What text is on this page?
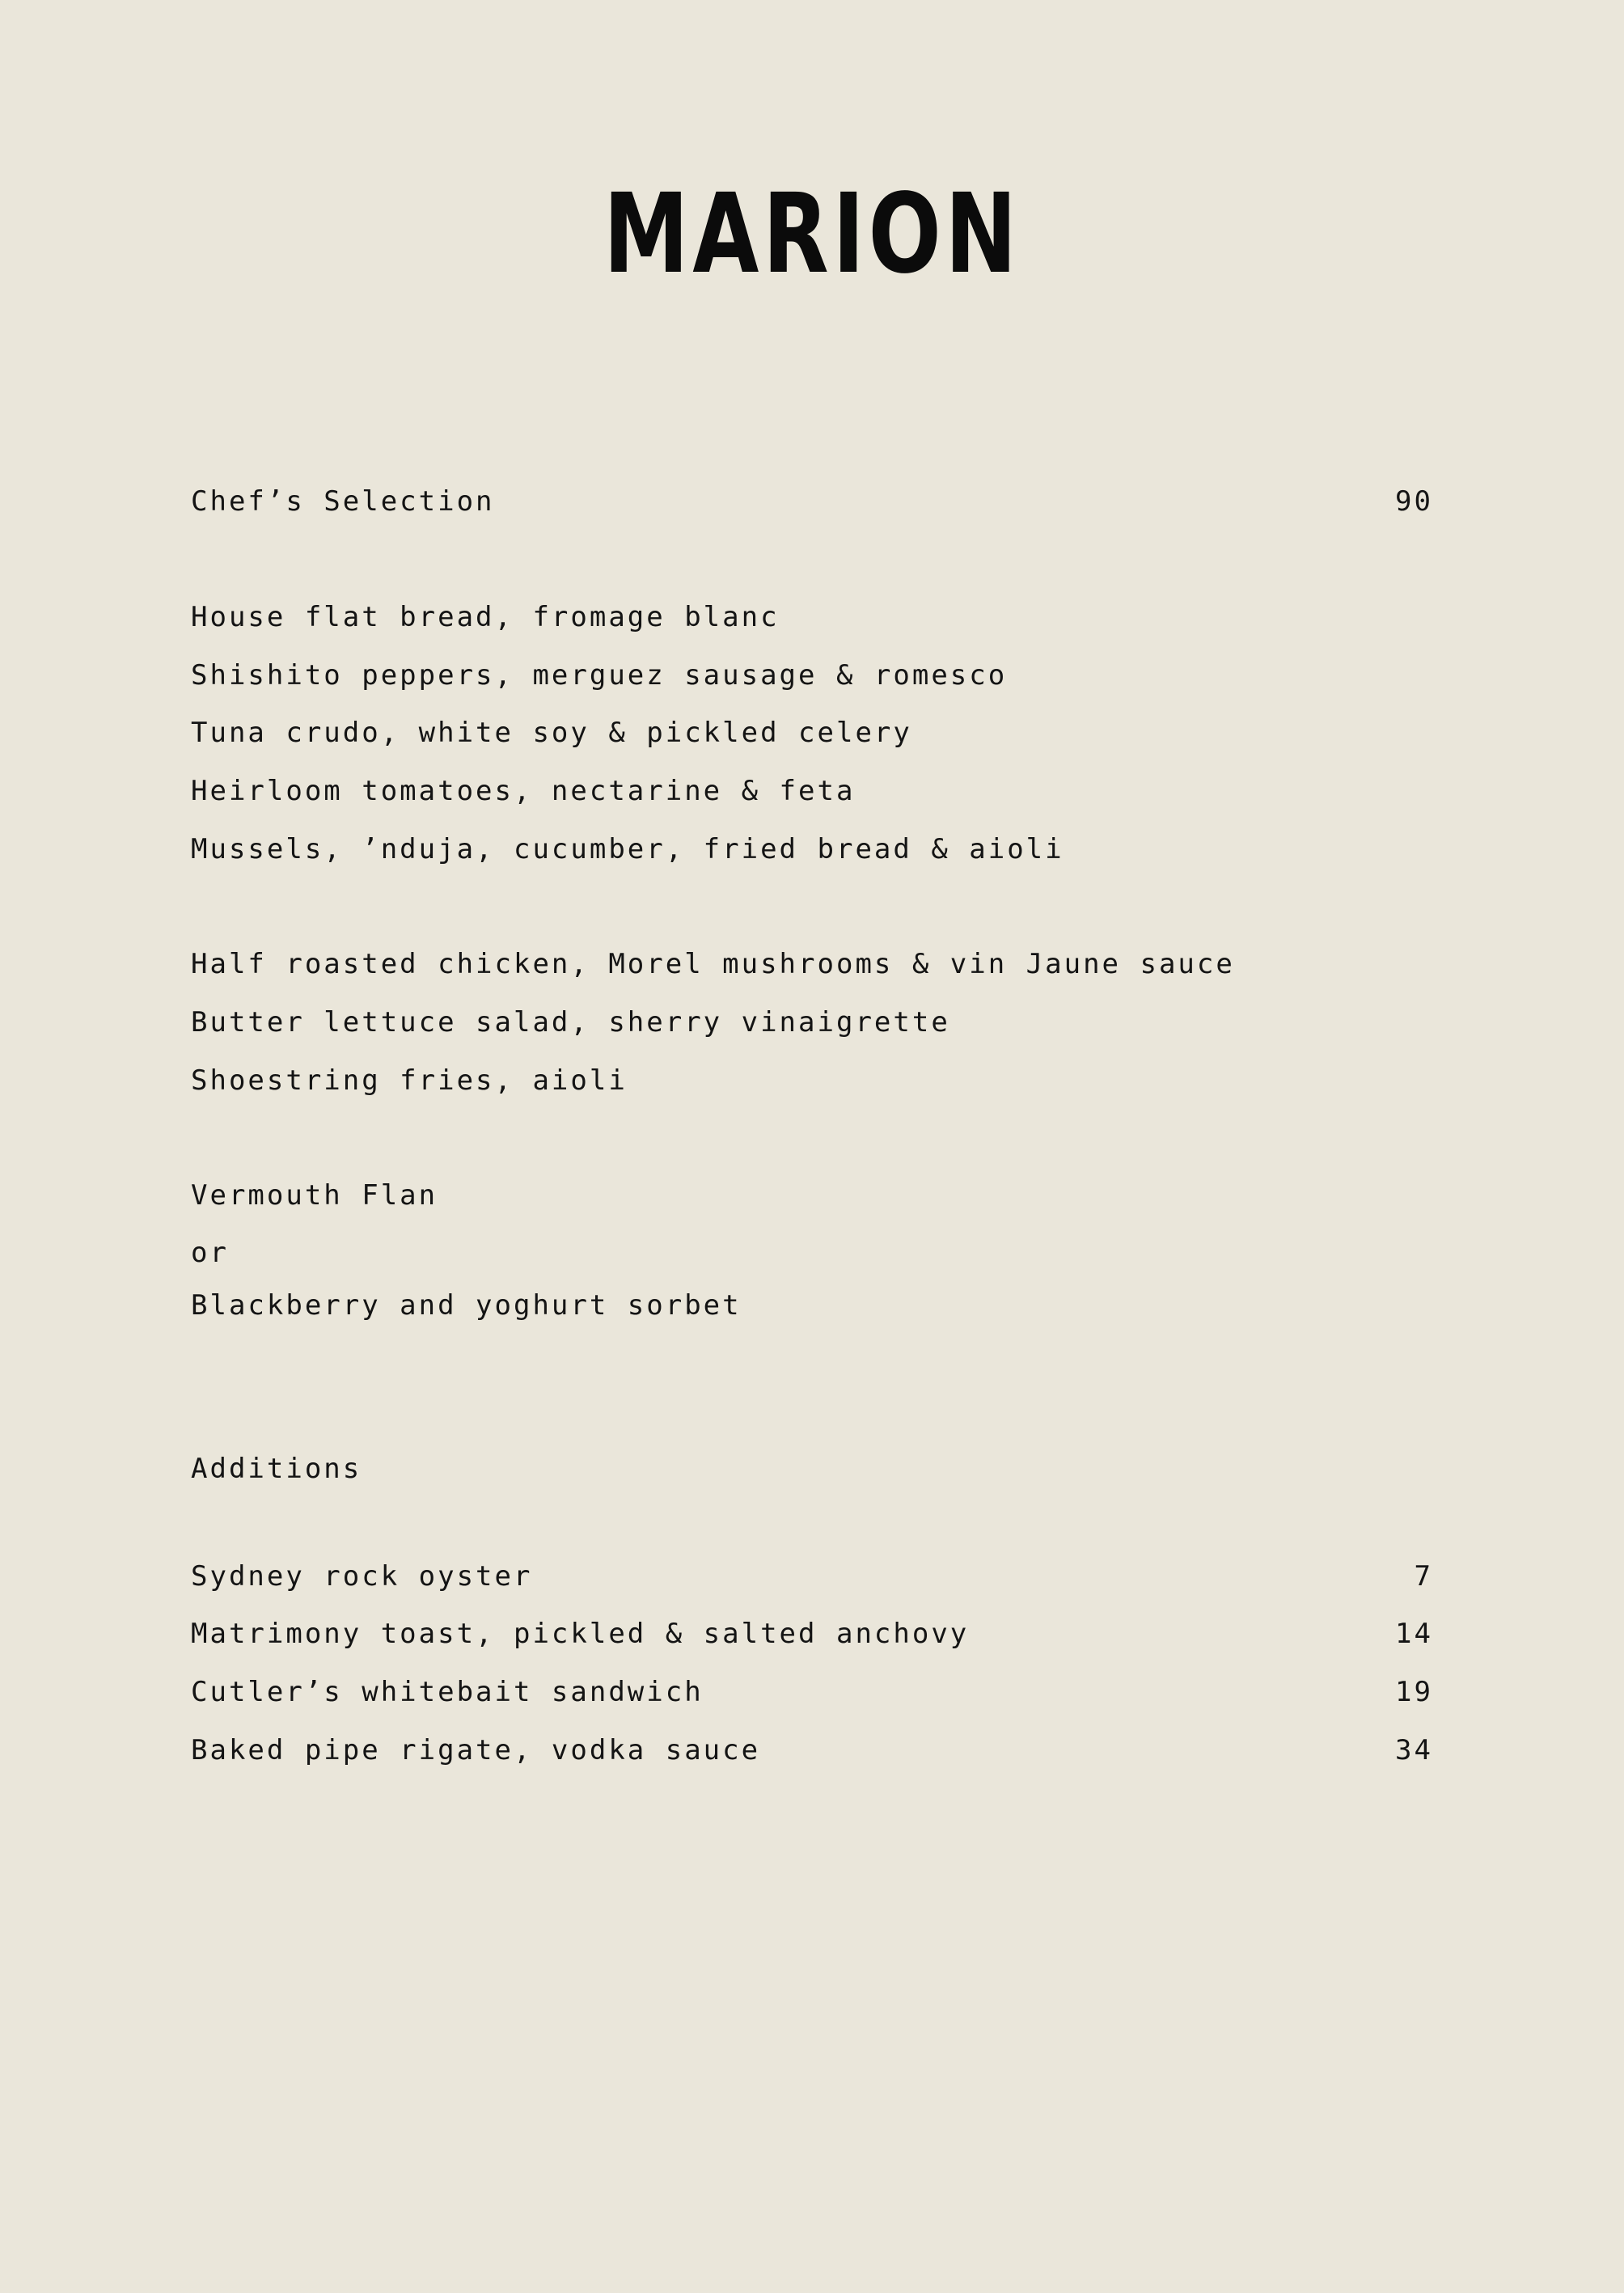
MARION
Chef’s Selection	90
House flat bread, fromage blanc
Shishito peppers, merguez sausage & romesco
Tuna crudo, white soy & pickled celery
Heirloom tomatoes, nectarine & feta
Mussels, ’nduja, cucumber, fried bread & aioli
Half roasted chicken, Morel mushrooms & vin Jaune sauce
Butter lettuce salad, sherry vinaigrette
Shoestring fries, aioli
Vermouth Flan
or
Blackberry and yoghurt sorbet
Additions
Sydney rock oyster	7
Matrimony toast, pickled & salted anchovy	14
Cutler’s whitebait sandwich	19
Baked pipe rigate, vodka sauce	34
